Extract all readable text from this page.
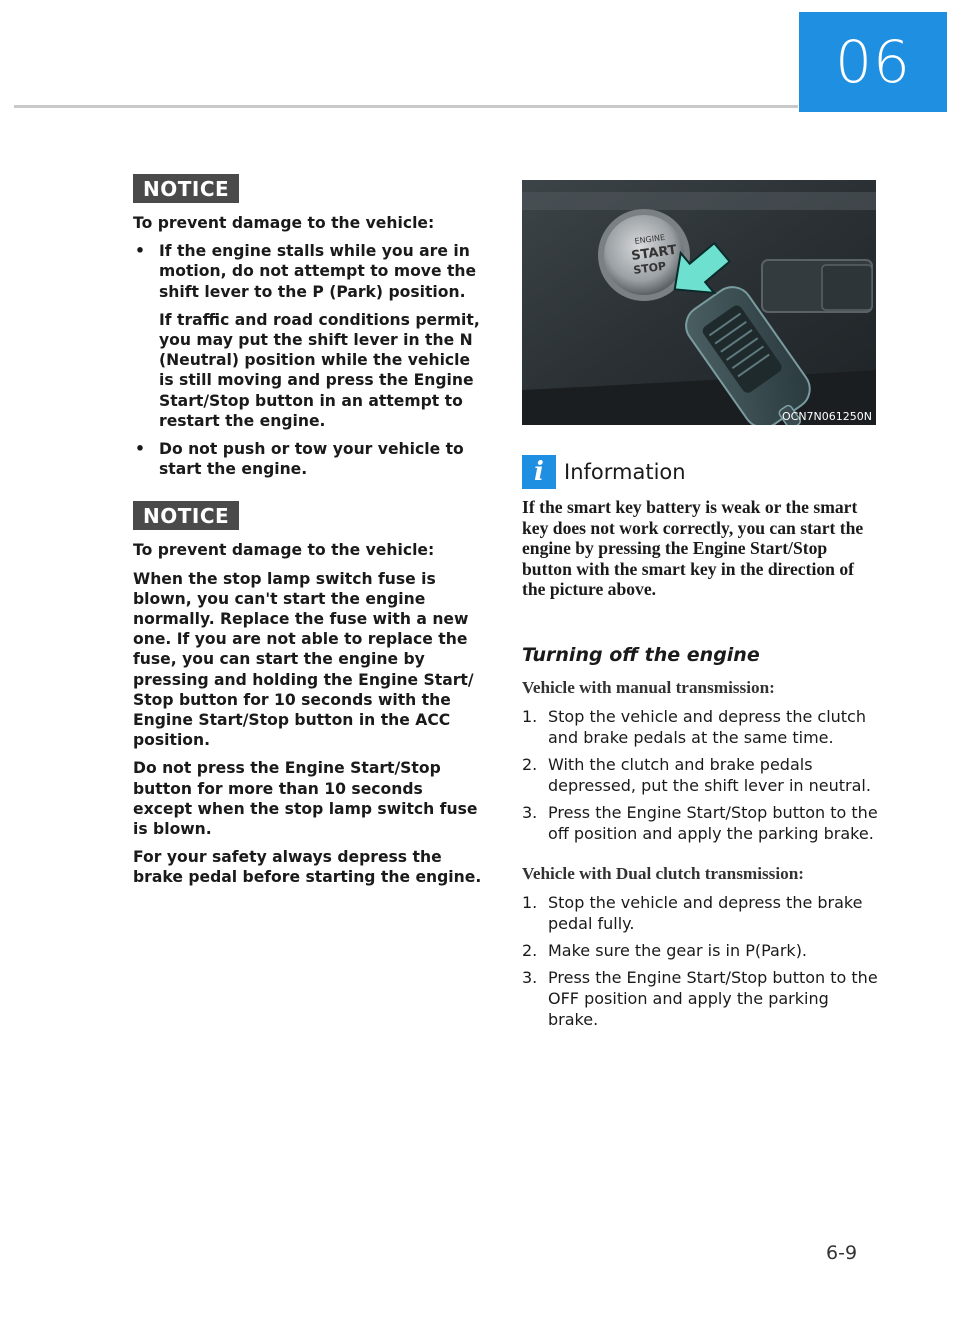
06
NOTICE

To prevent damage to the vehicle:

• If the engine stalls while you are in motion, do not attempt to move the shift lever to the P (Park) position.

If traffic and road conditions permit, you may put the shift lever in the N (Neutral) position while the vehicle is still moving and press the Engine Start/Stop button in an attempt to restart the engine.

• Do not push or tow your vehicle to start the engine.

NOTICE

To prevent damage to the vehicle:

When the stop lamp switch fuse is blown, you can't start the engine normally. Replace the fuse with a new one. If you are not able to replace the fuse, you can start the engine by pressing and holding the Engine Start/ Stop button for 10 seconds with the Engine Start/Stop button in the ACC position.

Do not press the Engine Start/Stop button for more than 10 seconds except when the stop lamp switch fuse is blown.

For your safety always depress the brake pedal before starting the engine.

ENGINE
START
STOP
OCN7N061250N
i Information
If the smart key battery is weak or the smart key does not work correctly, you can start the engine by pressing the Engine Start/Stop button with the smart key in the direction of the picture above.
Turning off the engine
Vehicle with manual transmission:
1. Stop the vehicle and depress the clutch and brake pedals at the same time.
2. With the clutch and brake pedals depressed, put the shift lever in neutral.
3. Press the Engine Start/Stop button to the off position and apply the parking brake.
Vehicle with Dual clutch transmission:
1. Stop the vehicle and depress the brake pedal fully.
2. Make sure the gear is in P(Park).
3. Press the Engine Start/Stop button to the OFF position and apply the parking brake.
6-9
